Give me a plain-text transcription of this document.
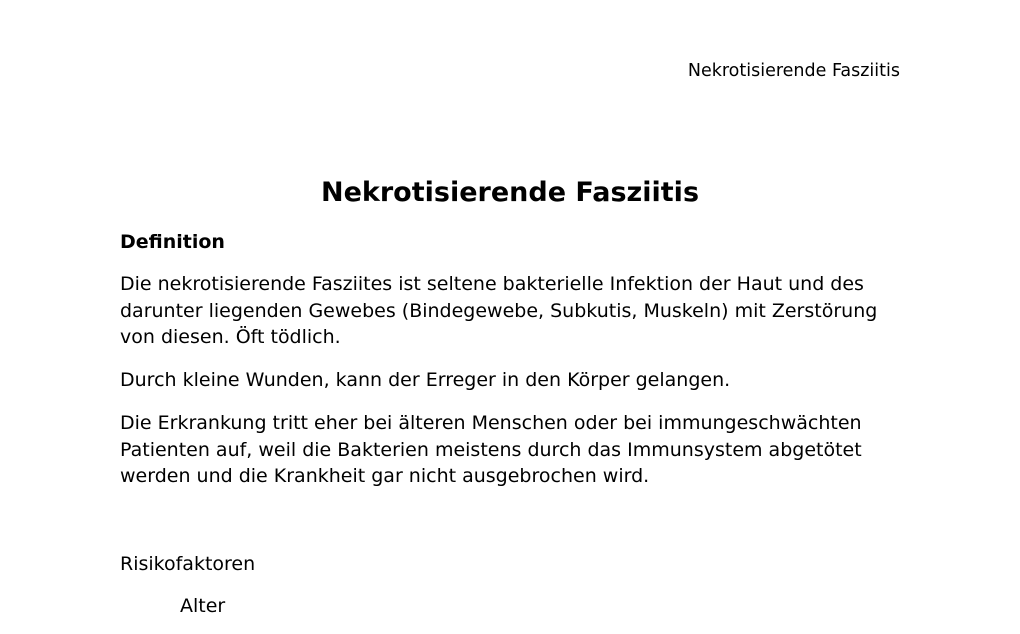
Nekrotisierende Fasziitis
Nekrotisierende Fasziitis
Definition

Die nekrotisierende Fasziites ist seltene bakterielle Infektion der Haut und des darunter liegenden Gewebes (Bindegewebe, Subkutis, Muskeln) mit Zerstörung von diesen. Öft tödlich.

Durch kleine Wunden, kann der Erreger in den Körper gelangen.

Die Erkrankung tritt eher bei älteren Menschen oder bei immungeschwächten Patienten auf, weil die Bakterien meistens durch das Immunsystem abgetötet werden und die Krankheit gar nicht ausgebrochen wird.

Risikofaktoren

Alter
